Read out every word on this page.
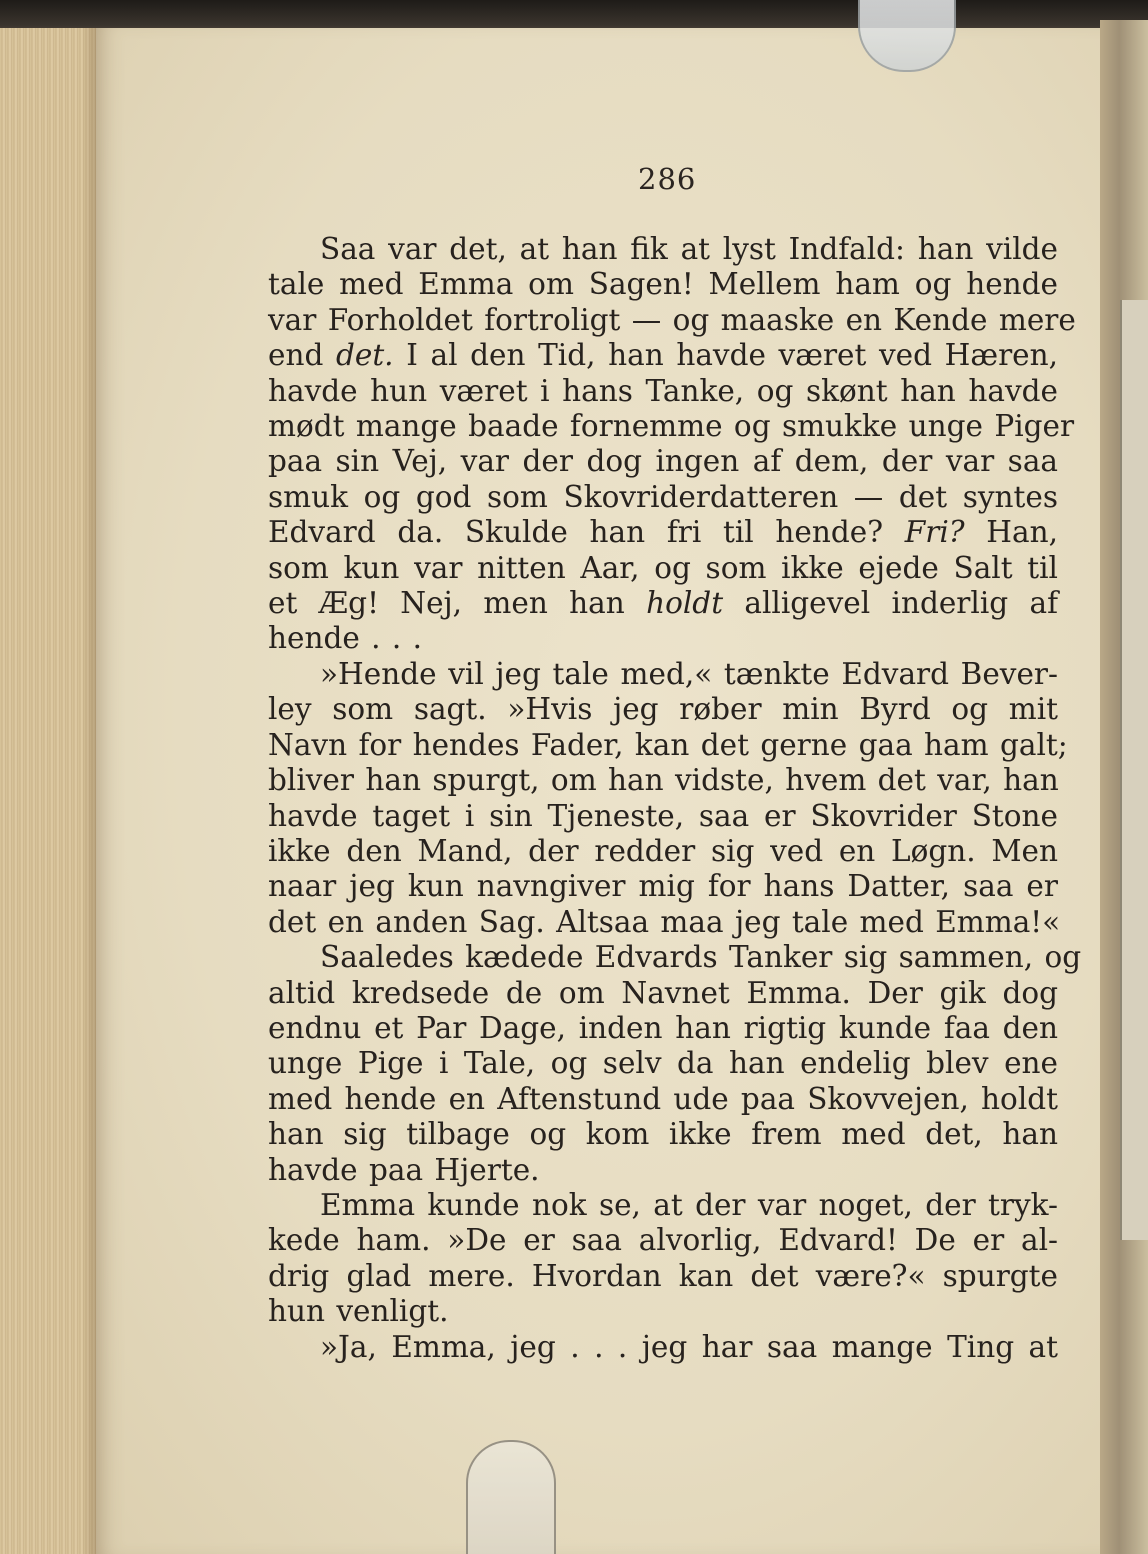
286
Saa var det, at han fik at lyst Indfald: han vilde
tale med Emma om Sagen! Mellem ham og hende
var Forholdet fortroligt — og maaske en Kende mere
end det. I al den Tid, han havde været ved Hæren,
havde hun været i hans Tanke, og skønt han havde
mødt mange baade fornemme og smukke unge Piger
paa sin Vej, var der dog ingen af dem, der var saa
smuk og god som Skovriderdatteren — det syntes
Edvard da. Skulde han fri til hende? Fri? Han,
som kun var nitten Aar, og som ikke ejede Salt til
et Æg! Nej, men han holdt alligevel inderlig af
hende . . .
»Hende vil jeg tale med,« tænkte Edvard Bever-
ley som sagt. »Hvis jeg røber min Byrd og mit
Navn for hendes Fader, kan det gerne gaa ham galt;
bliver han spurgt, om han vidste, hvem det var, han
havde taget i sin Tjeneste, saa er Skovrider Stone
ikke den Mand, der redder sig ved en Løgn. Men
naar jeg kun navngiver mig for hans Datter, saa er
det en anden Sag. Altsaa maa jeg tale med Emma!«
Saaledes kædede Edvards Tanker sig sammen, og
altid kredsede de om Navnet Emma. Der gik dog
endnu et Par Dage, inden han rigtig kunde faa den
unge Pige i Tale, og selv da han endelig blev ene
med hende en Aftenstund ude paa Skovvejen, holdt
han sig tilbage og kom ikke frem med det, han
havde paa Hjerte.
Emma kunde nok se, at der var noget, der tryk-
kede ham. »De er saa alvorlig, Edvard! De er al-
drig glad mere. Hvordan kan det være?« spurgte
hun venligt.
»Ja, Emma, jeg . . . jeg har saa mange Ting at
